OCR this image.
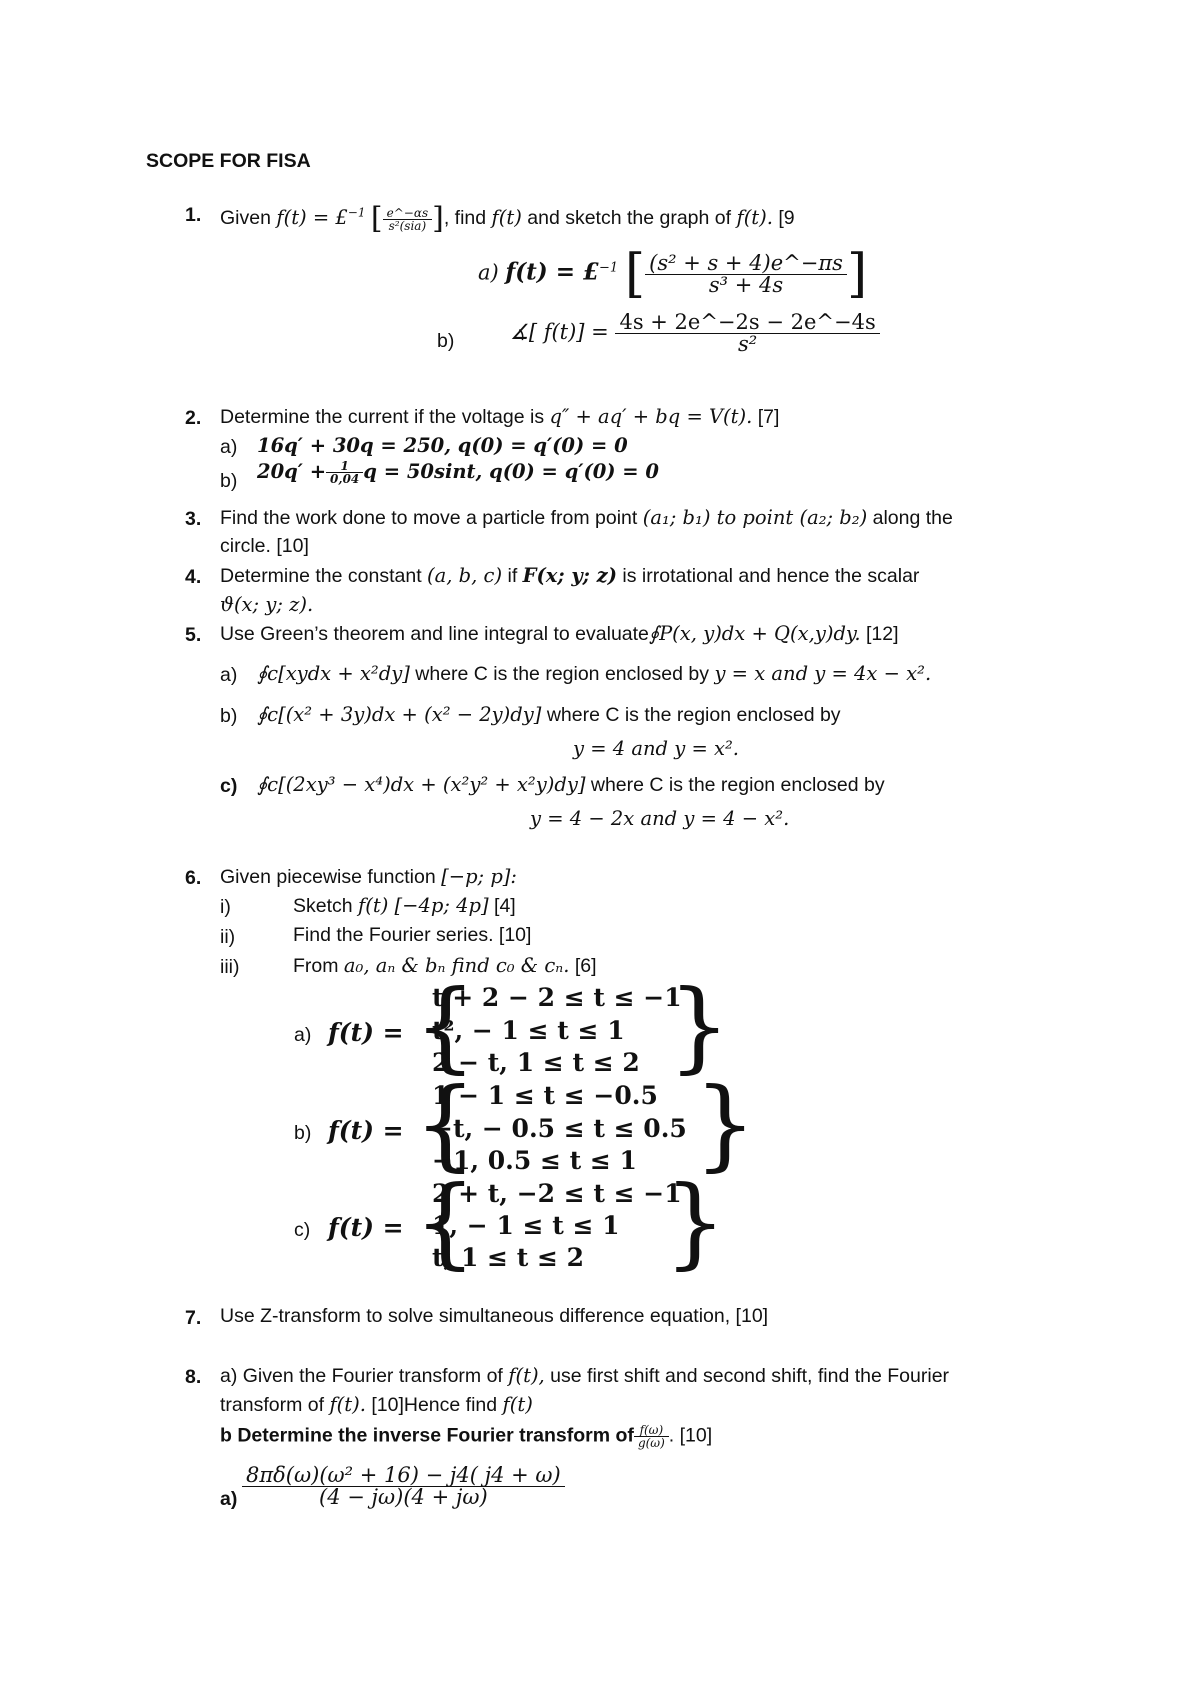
SCOPE FOR FISA
1. Given f(t) = £$^{-1}$ [ $\frac{e\^{}-\alpha s}{\text{s²(sia)}}$ ], find f(t) and sketch the graph of f(t). [9
a) f(t) = £$^{-1}$ [ $\frac{\text{(s² + s + 4)e\textasciicircum{}−πs}}{\text{s³ + 4s}}$ ]
b)	∡[ $f(t)] = \frac{4s + 2e\^{}-2s - 2e\^{}-4s}{\text{s²}}$
2. Determine the current if the voltage is q″ + aq′ + bq = V(t). [7]
a) 16q′ + 30q = 250, q(0) = q′(0) = 0
b) $20q' + \frac{1}{0,04}$ q = 50sint, q(0) = q′(0) = 0
3. Find the work done to move a particle from point (a₁; b₁) to point (a₂; b₂) along the
circle. [10]
4. Determine the constant (a, b, c) if F(x; y; z) is irrotational and hence the scalar
ϑ(x; y; z).
5. Use Green’s theorem and line integral to evaluate∮P(x, y)dx + Q(x,y)dy. [12]
a) ∮c[xydx + x²dy] where C is the region enclosed by y = x and y = 4x − x².
b) ∮c[(x² + 3y)dx + (x² − 2y)dy] where C is the region enclosed by
y = 4 and y = x².
c) ∮c[(2xy³ − x⁴)dx + (x²y² + x²y)dy] where C is the region enclosed by
y = 4 − 2x and y = 4 − x².
6. Given piecewise function [−p; p]:
i)	Sketch f(t) [−4p; 4p] [4]
ii)	Find the Fourier series. [10]
iii)	From a₀, aₙ & bₙ find c₀ & cₙ. [6]
a) f(t) = {
t + 2 − 2 ≤ t ≤ −1
t², − 1 ≤ t ≤ 1
2 − t, 1 ≤ t ≤ 2 }
b) f(t) = {
1 − 1 ≤ t ≤ −0.5
−t, − 0.5 ≤ t ≤ 0.5
−1, 0.5 ≤ t ≤ 1 }
c) f(t) = {
2 + t, −2 ≤ t ≤ −1
1, − 1 ≤ t ≤ 1
t, 1 ≤ t ≤ 2 }
7. Use Z-transform to solve simultaneous difference equation, [10]
8. a) Given the Fourier transform of f(t), use first shift and second shift, find the Fourier
transform of f(t). [10]Hence find f(t)
b Determine the inverse Fourier transform of $\frac{f(\omega)}{g(\omega)}$ . [10]
$a) \frac{\text{8πδ(ω)(ω² + 16) − j4( j4 + ω)}}{(4 - j\omega)(4 + j\omega)}$
